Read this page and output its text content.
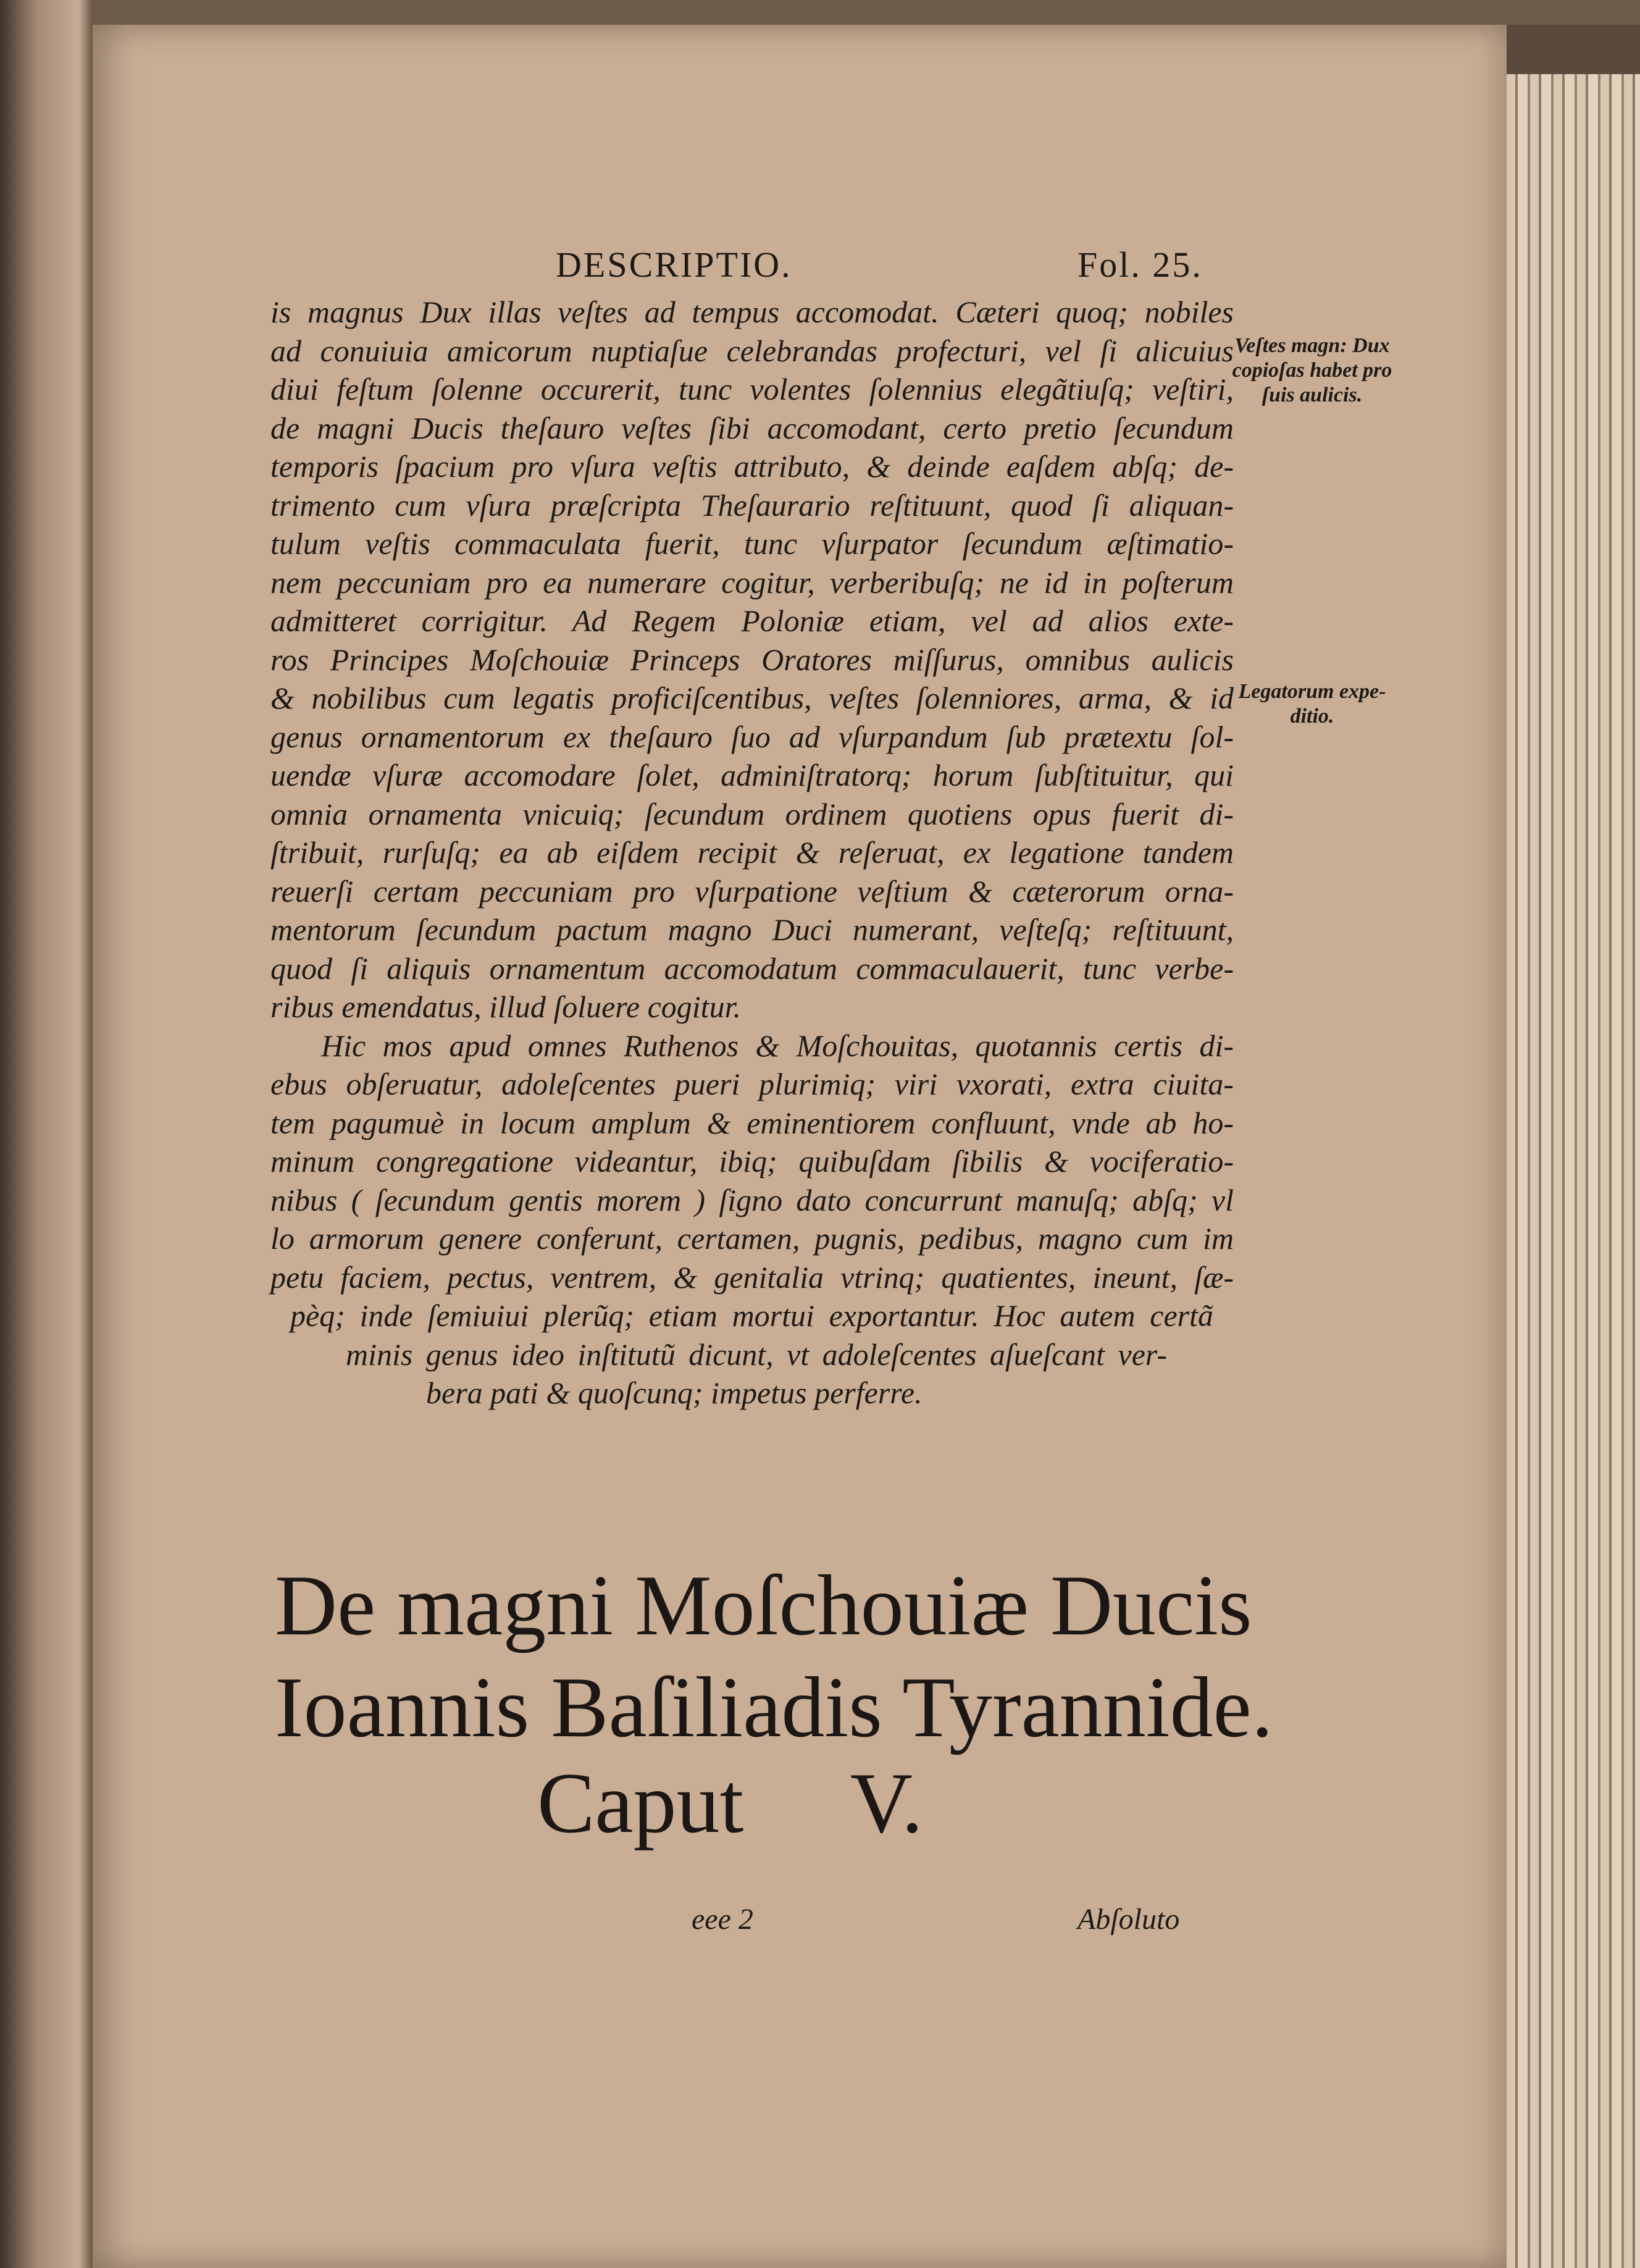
DESCRIPTIO.	Fol. 25.
is magnus Dux illas veſtes ad tempus accomodat. Cæteri quoq; nobiles
ad conuiuia amicorum nuptiaſue celebrandas profecturi, vel ſi alicuius
diui feſtum ſolenne occurerit, tunc volentes ſolennius elegãtiuſq; veſtiri,
de magni Ducis theſauro veſtes ſibi accomodant, certo pretio ſecundum
temporis ſpacium pro vſura veſtis attributo, & deinde eaſdem abſq; de-
trimento cum vſura præſcripta Theſaurario reſtituunt, quod ſi aliquan-
tulum veſtis commaculata fuerit, tunc vſurpator ſecundum æſtimatio-
nem peccuniam pro ea numerare cogitur, verberibuſq; ne id in poſterum
admitteret corrigitur. Ad Regem Poloniæ etiam, vel ad alios exte-
ros Principes Moſchouiæ Princeps Oratores miſſurus, omnibus aulicis
& nobilibus cum legatis proficiſcentibus, veſtes ſolenniores, arma, & id
genus ornamentorum ex theſauro ſuo ad vſurpandum ſub prætextu ſol-
uendæ vſuræ accomodare ſolet, adminiſtratorq; horum ſubſtituitur, qui
omnia ornamenta vnicuiq; ſecundum ordinem quotiens opus fuerit di-
ſtribuit, rurſuſq; ea ab eiſdem recipit & reſeruat, ex legatione tandem
reuerſi certam peccuniam pro vſurpatione veſtium & cæterorum orna-
mentorum ſecundum pactum magno Duci numerant, veſteſq; reſtituunt,
quod ſi aliquis ornamentum accomodatum commaculauerit, tunc verbe-
ribus emendatus, illud ſoluere cogitur.
Hic mos apud omnes Ruthenos & Moſchouitas, quotannis certis di-
ebus obſeruatur, adoleſcentes pueri plurimiq; viri vxorati, extra ciuita-
tem pagumuè in locum amplum & eminentiorem confluunt, vnde ab ho-
minum congregatione videantur, ibiq; quibuſdam ſibilis & vociferatio-
nibus ( ſecundum gentis morem ) ſigno dato concurrunt manuſq; abſq; vl
lo armorum genere conferunt, certamen, pugnis, pedibus, magno cum im
petu faciem, pectus, ventrem, & genitalia vtrinq; quatientes, ineunt, ſæ-
pèq; inde ſemiuiui plerũq; etiam mortui exportantur. Hoc autem certã
minis genus ideo inſtitutũ dicunt, vt adoleſcentes aſueſcant ver-
bera pati & quoſcunq; impetus perferre.
Veſtes magn: Dux
copioſas habet pro
ſuis aulicis.
Legatorum expe-
ditio.
De magni Moſchouiæ Ducis
Ioannis Baſiliadis Tyrannide.
Caput     V.
eee 2	Abſoluto
